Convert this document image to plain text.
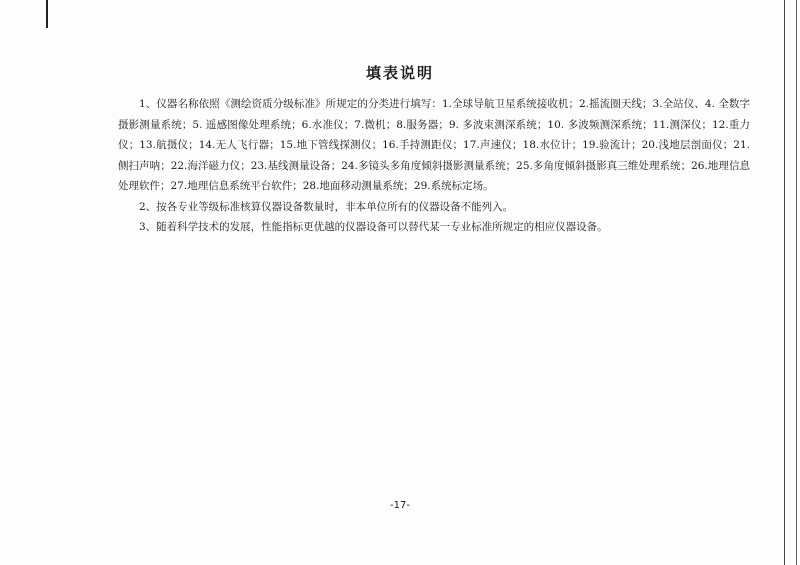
填表说明

1、仪器名称依照《测绘资质分级标准》所规定的分类进行填写：1.全球导航卫星系统接收机；2.摇流圈天线；3.全站仪、4. 全数字摄影测量系统；5. 遥感图像处理系统；6.水准仪；7.微机；8.服务器；9. 多波束测深系统；10. 多波频测深系统；11.测深仪；12.重力仪；13.航摄仪；14.无人飞行器；15.地下管线探测仪；16.手持测距仪；17.声速仪；18.水位计；19.验流计；20.浅地层剖面仪；21.侧扫声呐；22.海洋磁力仪；23.基线测量设备；24.多镜头多角度倾斜摄影测量系统；25.多角度倾斜摄影真三维处理系统；26.地理信息处理软件；27.地理信息系统平台软件；28.地面移动测量系统；29.系统标定场。

2、按各专业等级标准核算仪器设备数量时，非本单位所有的仪器设备不能列入。

3、随着科学技术的发展，性能指标更优越的仪器设备可以替代某一专业标准所规定的相应仪器设备。

-17-
